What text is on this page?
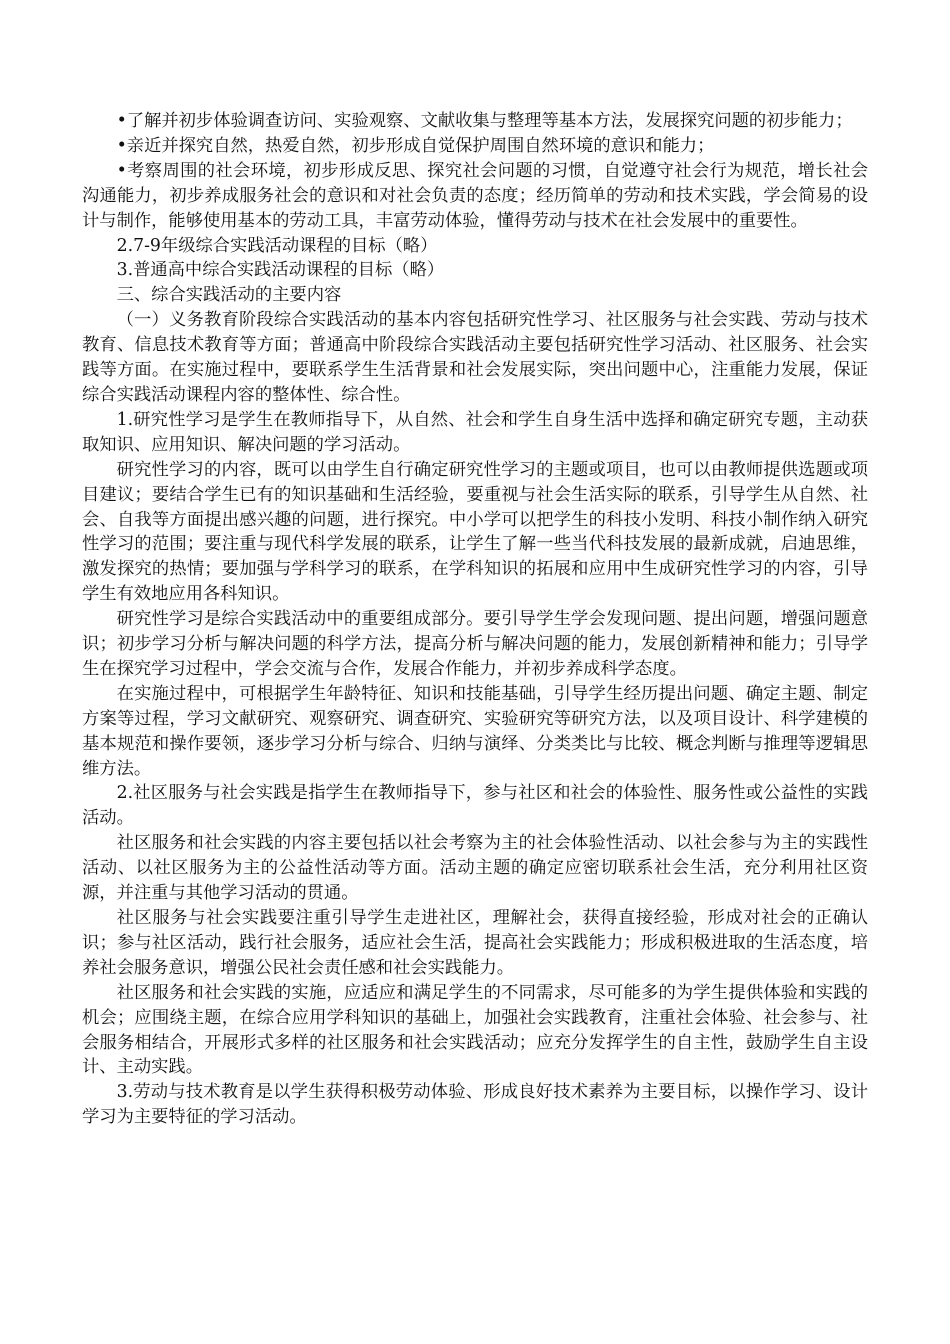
•了解并初步体验调查访问、实验观察、文献收集与整理等基本方法，发展探究问题的初步能力；

•亲近并探究自然，热爱自然，初步形成自觉保护周围自然环境的意识和能力；

•考察周围的社会环境，初步形成反思、探究社会问题的习惯，自觉遵守社会行为规范，增长社会沟通能力，初步养成服务社会的意识和对社会负责的态度；经历简单的劳动和技术实践，学会简易的设计与制作，能够使用基本的劳动工具，丰富劳动体验，懂得劳动与技术在社会发展中的重要性。

2.7-9年级综合实践活动课程的目标（略）

3.普通高中综合实践活动课程的目标（略）

三、综合实践活动的主要内容

（一）义务教育阶段综合实践活动的基本内容包括研究性学习、社区服务与社会实践、劳动与技术教育、信息技术教育等方面；普通高中阶段综合实践活动主要包括研究性学习活动、社区服务、社会实践等方面。在实施过程中，要联系学生生活背景和社会发展实际，突出问题中心，注重能力发展，保证综合实践活动课程内容的整体性、综合性。

1.研究性学习是学生在教师指导下，从自然、社会和学生自身生活中选择和确定研究专题，主动获取知识、应用知识、解决问题的学习活动。

研究性学习的内容，既可以由学生自行确定研究性学习的主题或项目，也可以由教师提供选题或项目建议；要结合学生已有的知识基础和生活经验，要重视与社会生活实际的联系，引导学生从自然、社会、自我等方面提出感兴趣的问题，进行探究。中小学可以把学生的科技小发明、科技小制作纳入研究性学习的范围；要注重与现代科学发展的联系，让学生了解一些当代科技发展的最新成就，启迪思维，激发探究的热情；要加强与学科学习的联系，在学科知识的拓展和应用中生成研究性学习的内容，引导学生有效地应用各科知识。

研究性学习是综合实践活动中的重要组成部分。要引导学生学会发现问题、提出问题，增强问题意识；初步学习分析与解决问题的科学方法，提高分析与解决问题的能力，发展创新精神和能力；引导学生在探究学习过程中，学会交流与合作，发展合作能力，并初步养成科学态度。

在实施过程中，可根据学生年龄特征、知识和技能基础，引导学生经历提出问题、确定主题、制定方案等过程，学习文献研究、观察研究、调查研究、实验研究等研究方法，以及项目设计、科学建模的基本规范和操作要领，逐步学习分析与综合、归纳与演绎、分类类比与比较、概念判断与推理等逻辑思维方法。

2.社区服务与社会实践是指学生在教师指导下，参与社区和社会的体验性、服务性或公益性的实践活动。

社区服务和社会实践的内容主要包括以社会考察为主的社会体验性活动、以社会参与为主的实践性活动、以社区服务为主的公益性活动等方面。活动主题的确定应密切联系社会生活，充分利用社区资源，并注重与其他学习活动的贯通。

社区服务与社会实践要注重引导学生走进社区，理解社会，获得直接经验，形成对社会的正确认识；参与社区活动，践行社会服务，适应社会生活，提高社会实践能力；形成积极进取的生活态度，培养社会服务意识，增强公民社会责任感和社会实践能力。

社区服务和社会实践的实施，应适应和满足学生的不同需求，尽可能多的为学生提供体验和实践的机会；应围绕主题，在综合应用学科知识的基础上，加强社会实践教育，注重社会体验、社会参与、社会服务相结合，开展形式多样的社区服务和社会实践活动；应充分发挥学生的自主性，鼓励学生自主设计、主动实践。

3.劳动与技术教育是以学生获得积极劳动体验、形成良好技术素养为主要目标，以操作学习、设计学习为主要特征的学习活动。
